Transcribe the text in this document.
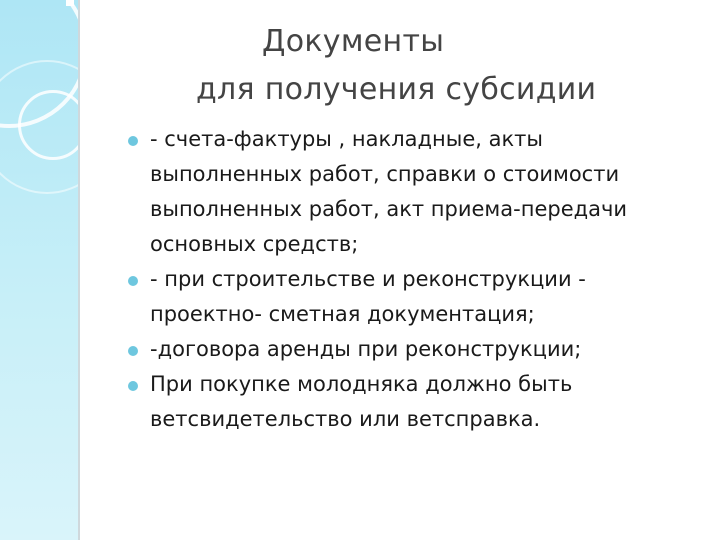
Документы
для получения субсидии
- счета-фактуры , накладные, акты выполненных работ, справки о стоимости выполненных работ, акт приема-передачи основных средств;
- при строительстве и реконструкции - проектно- сметная документация;
-договора аренды при реконструкции;
При покупке молодняка должно быть ветсвидетельство или ветсправка.
